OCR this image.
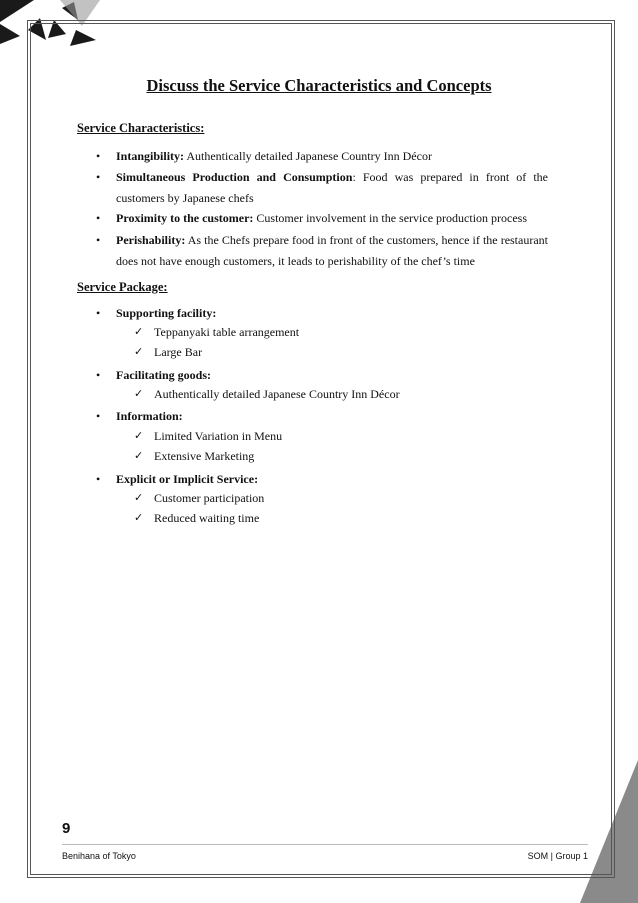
Discuss the Service Characteristics and Concepts
Service Characteristics:
• Intangibility: Authentically detailed Japanese Country Inn Décor
• Simultaneous Production and Consumption: Food was prepared in front of the customers by Japanese chefs
• Proximity to the customer: Customer involvement in the service production process
• Perishability: As the Chefs prepare food in front of the customers, hence if the restaurant does not have enough customers, it leads to perishability of the chef’s time
Service Package:
• Supporting facility:
✓ Teppanyaki table arrangement
✓ Large Bar
• Facilitating goods:
✓ Authentically detailed Japanese Country Inn Décor
• Information:
✓ Limited Variation in Menu
✓ Extensive Marketing
• Explicit or Implicit Service:
✓ Customer participation
✓ Reduced waiting time
9
Benihana of Tokyo	SOM | Group 1
